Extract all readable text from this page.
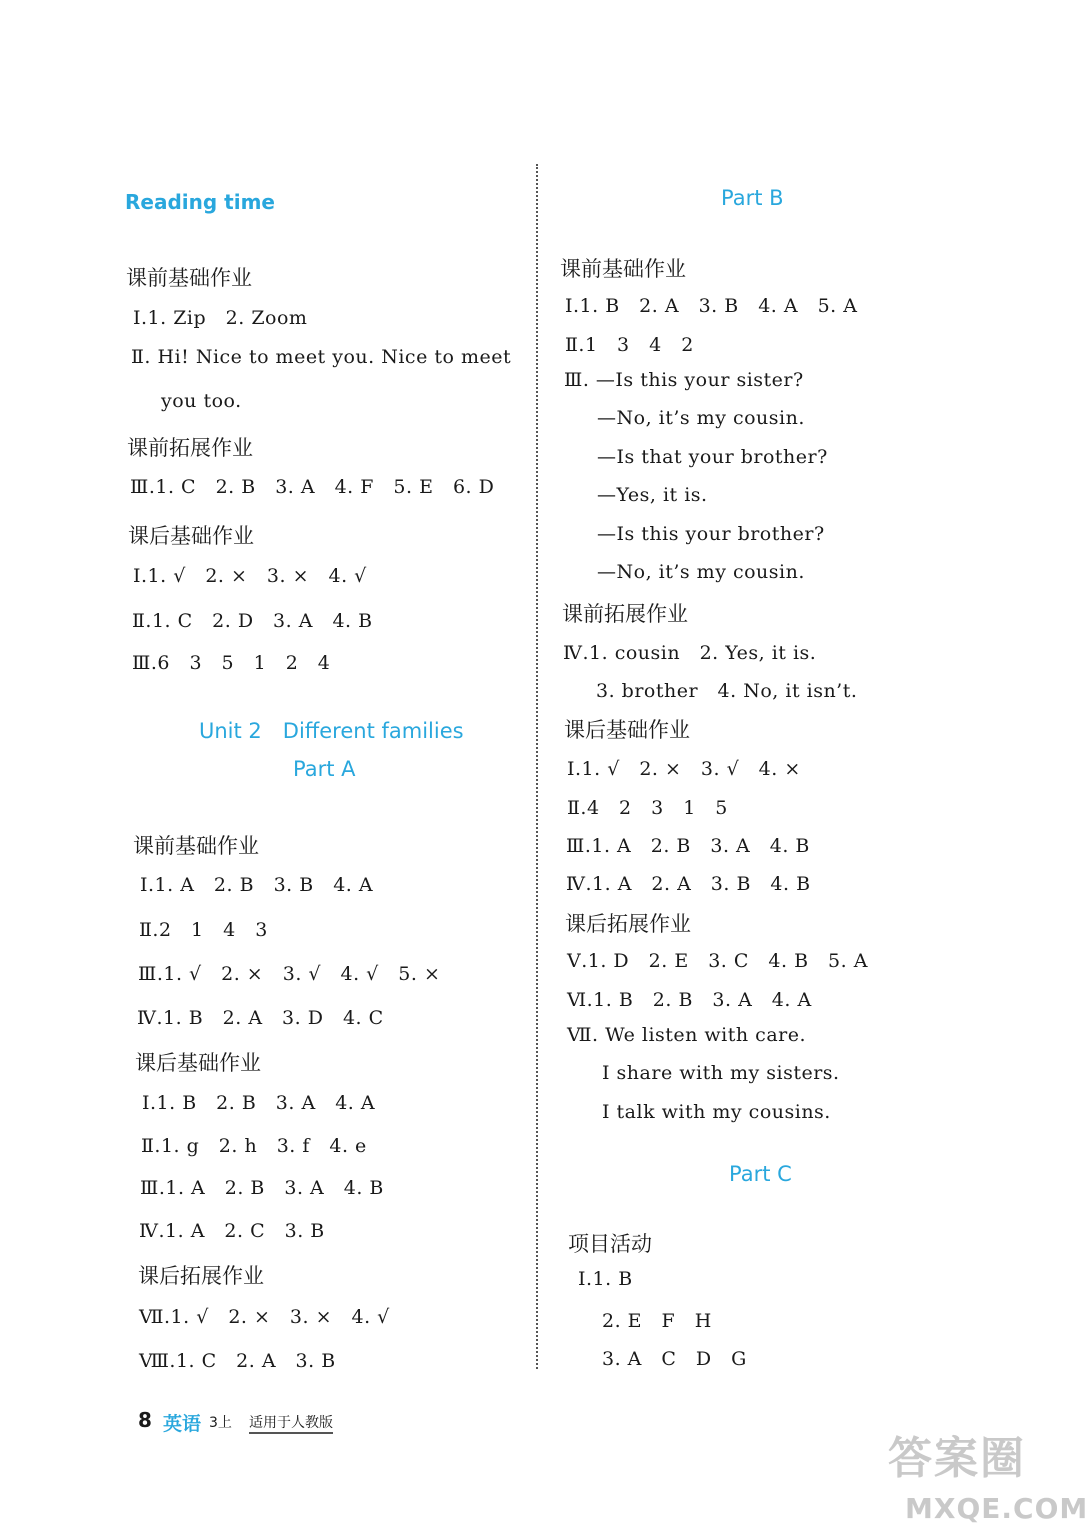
Reading time
课前基础作业
Ⅰ.1. Zip　2. Zoom
Ⅱ. Hi! Nice to meet you. Nice to meet
you too.
课前拓展作业
Ⅲ.1. C　2. B　3. A　4. F　5. E　6. D
课后基础作业
Ⅰ.1. √　2. ×　3. ×　4. √
Ⅱ.1. C　2. D　3. A　4. B
Ⅲ.6　3　5　1　2　4
Unit 2　Different families
Part A
课前基础作业
Ⅰ.1. A　2. B　3. B　4. A
Ⅱ.2　1　4　3
Ⅲ.1. √　2. ×　3. √　4. √　5. ×
Ⅳ.1. B　2. A　3. D　4. C
课后基础作业
Ⅰ.1. B　2. B　3. A　4. A
Ⅱ.1. g　2. h　3. f　4. e
Ⅲ.1. A　2. B　3. A　4. B
Ⅳ.1. A　2. C　3. B
课后拓展作业
Ⅶ.1. √　2. ×　3. ×　4. √
Ⅷ.1. C　2. A　3. B
Part B
课前基础作业
Ⅰ.1. B　2. A　3. B　4. A　5. A
Ⅱ.1　3　4　2
Ⅲ. —Is this your sister?
—No, it’s my cousin.
—Is that your brother?
—Yes, it is.
—Is this your brother?
—No, it’s my cousin.
课前拓展作业
Ⅳ.1. cousin　2. Yes, it is.
3. brother　4. No, it isn’t.
课后基础作业
Ⅰ.1. √　2. ×　3. √　4. ×
Ⅱ.4　2　3　1　5
Ⅲ.1. A　2. B　3. A　4. B
Ⅳ.1. A　2. A　3. B　4. B
课后拓展作业
Ⅴ.1. D　2. E　3. C　4. B　5. A
Ⅵ.1. B　2. B　3. A　4. A
Ⅶ. We listen with care.
I share with my sisters.
I talk with my cousins.
Part C
项目活动
Ⅰ.1. B
2. E　F　H
3. A　C　D　G
8 英语 3上 适用于人教版
答案圈
MXQE.COM
